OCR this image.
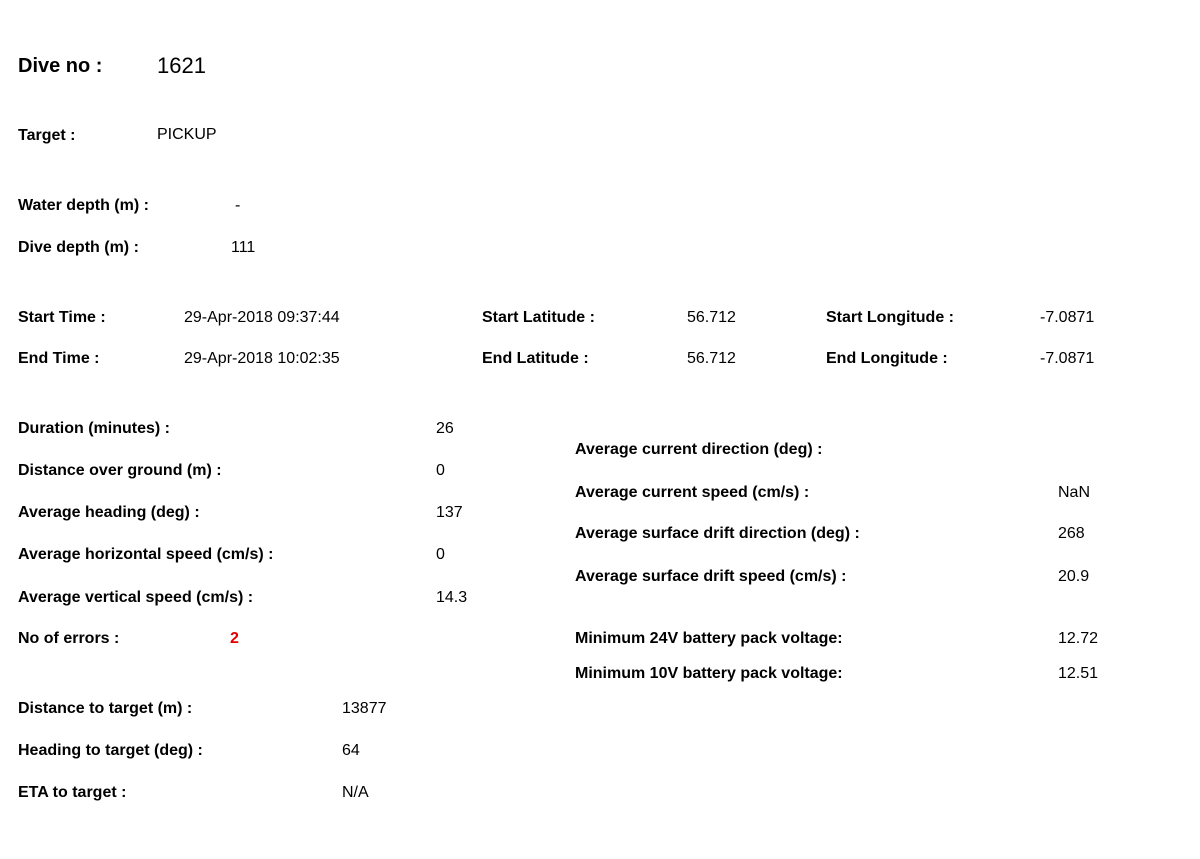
Dive no : 1621
Target :	PICKUP
Water depth (m) :	-
Dive depth (m) :	111
Start Time :	29-Apr-2018 09:37:44	Start Latitude :	56.712	Start Longitude :	-7.0871
End Time :	29-Apr-2018 10:02:35	End Latitude :	56.712	End Longitude :	-7.0871
Duration (minutes) :	26
Distance over ground (m) :	0
Average heading (deg) :	137
Average horizontal speed (cm/s) :	0
Average vertical speed (cm/s) :	14.3
No of errors :	2
Average current direction (deg) :
Average current speed (cm/s) :	NaN
Average surface drift direction (deg) :	268
Average surface drift speed (cm/s) :	20.9
Minimum 24V battery pack voltage:	12.72
Minimum 10V battery pack voltage:	12.51
Distance to target (m) :	13877
Heading to target (deg) :	64
ETA to target :	N/A
